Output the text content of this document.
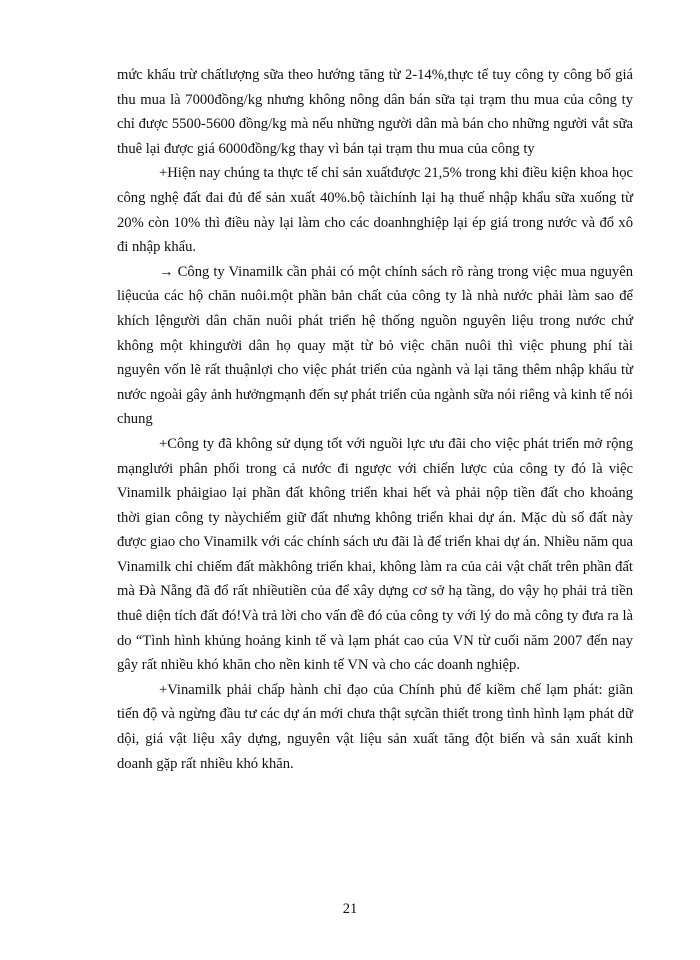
mức khẩu trừ chấtlượng sữa theo hướng tăng từ 2-14%,thực tế tuy công ty công bố giá thu mua là 7000đồng/kg nhưng không nông dân bán sữa tại trạm thu mua của công ty chỉ được 5500-5600 đồng/kg mà nếu những người dân mà bán cho những người vắt sữa thuê lại được giá 6000đồng/kg thay vì bán tại trạm thu mua của công ty

+Hiện nay chúng ta thực tế chỉ sản xuấtđược 21,5% trong khi điều kiện khoa học công nghệ đất đai đủ để sản xuất 40%.bộ tàichính lại hạ thuế nhập khẩu sữa xuống từ 20% còn 10% thì điều này lại làm cho các doanhnghiệp lại ép giá trong nước và đổ xô đi nhập khẩu.

→ Công ty Vinamilk cần phải có một chính sách rõ ràng trong việc mua nguyên liệucủa các hộ chăn nuôi.một phần bản chất của công ty là nhà nước phải làm sao để khích lệngười dân chăn nuôi phát triển hệ thống nguồn nguyên liệu trong nước chứ không một khingười dân họ quay mặt từ bỏ việc chăn nuôi thì việc phung phí tài nguyên vốn lẽ rất thuậnlợi cho việc phát triển của ngành và lại tăng thêm nhập khẩu từ nước ngoài gây ảnh hưởngmạnh đến sự phát triển của ngành sữa nói riêng và kinh tế nói chung

+Công ty đã không sử dụng tốt với nguồi lực ưu đãi cho việc phát triển mở rộng mạnglưới phân phối trong cả nước đi ngược với chiến lược của công ty đó là việc Vinamilk phảigiao lại phần đất không triển khai hết và phải nộp tiền đất cho khoảng thời gian công ty nàychiếm giữ đất nhưng không triển khai dự án. Mặc dù số đất này được giao cho Vinamilk với các chính sách ưu đãi là để triển khai dự án. Nhiều năm qua Vinamilk chỉ chiếm đất màkhông triển khai, không làm ra của cải vật chất trên phần đất mà Đà Nẵng đã đổ rất nhiềutiền của để xây dựng cơ sở hạ tầng, do vậy họ phải trả tiền thuê diện tích đất đó!Và trả lời cho vấn đề đó của công ty với lý do mà công ty đưa ra là do “Tình hình khủng hoảng kinh tế và lạm phát cao của VN từ cuối năm 2007 đến nay gây rất nhiều khó khăn cho nền kinh tế VN và cho các doanh nghiệp.

+Vinamilk phải chấp hành chỉ đạo của Chính phủ để kiềm chế lạm phát: giãn tiến độ và ngừng đầu tư các dự án mới chưa thật sựcần thiết trong tình hình lạm phát dữ dội, giá vật liệu xây dựng, nguyên vật liệu sản xuất tăng đột biến và sản xuất kinh doanh gặp rất nhiều khó khăn.

21
